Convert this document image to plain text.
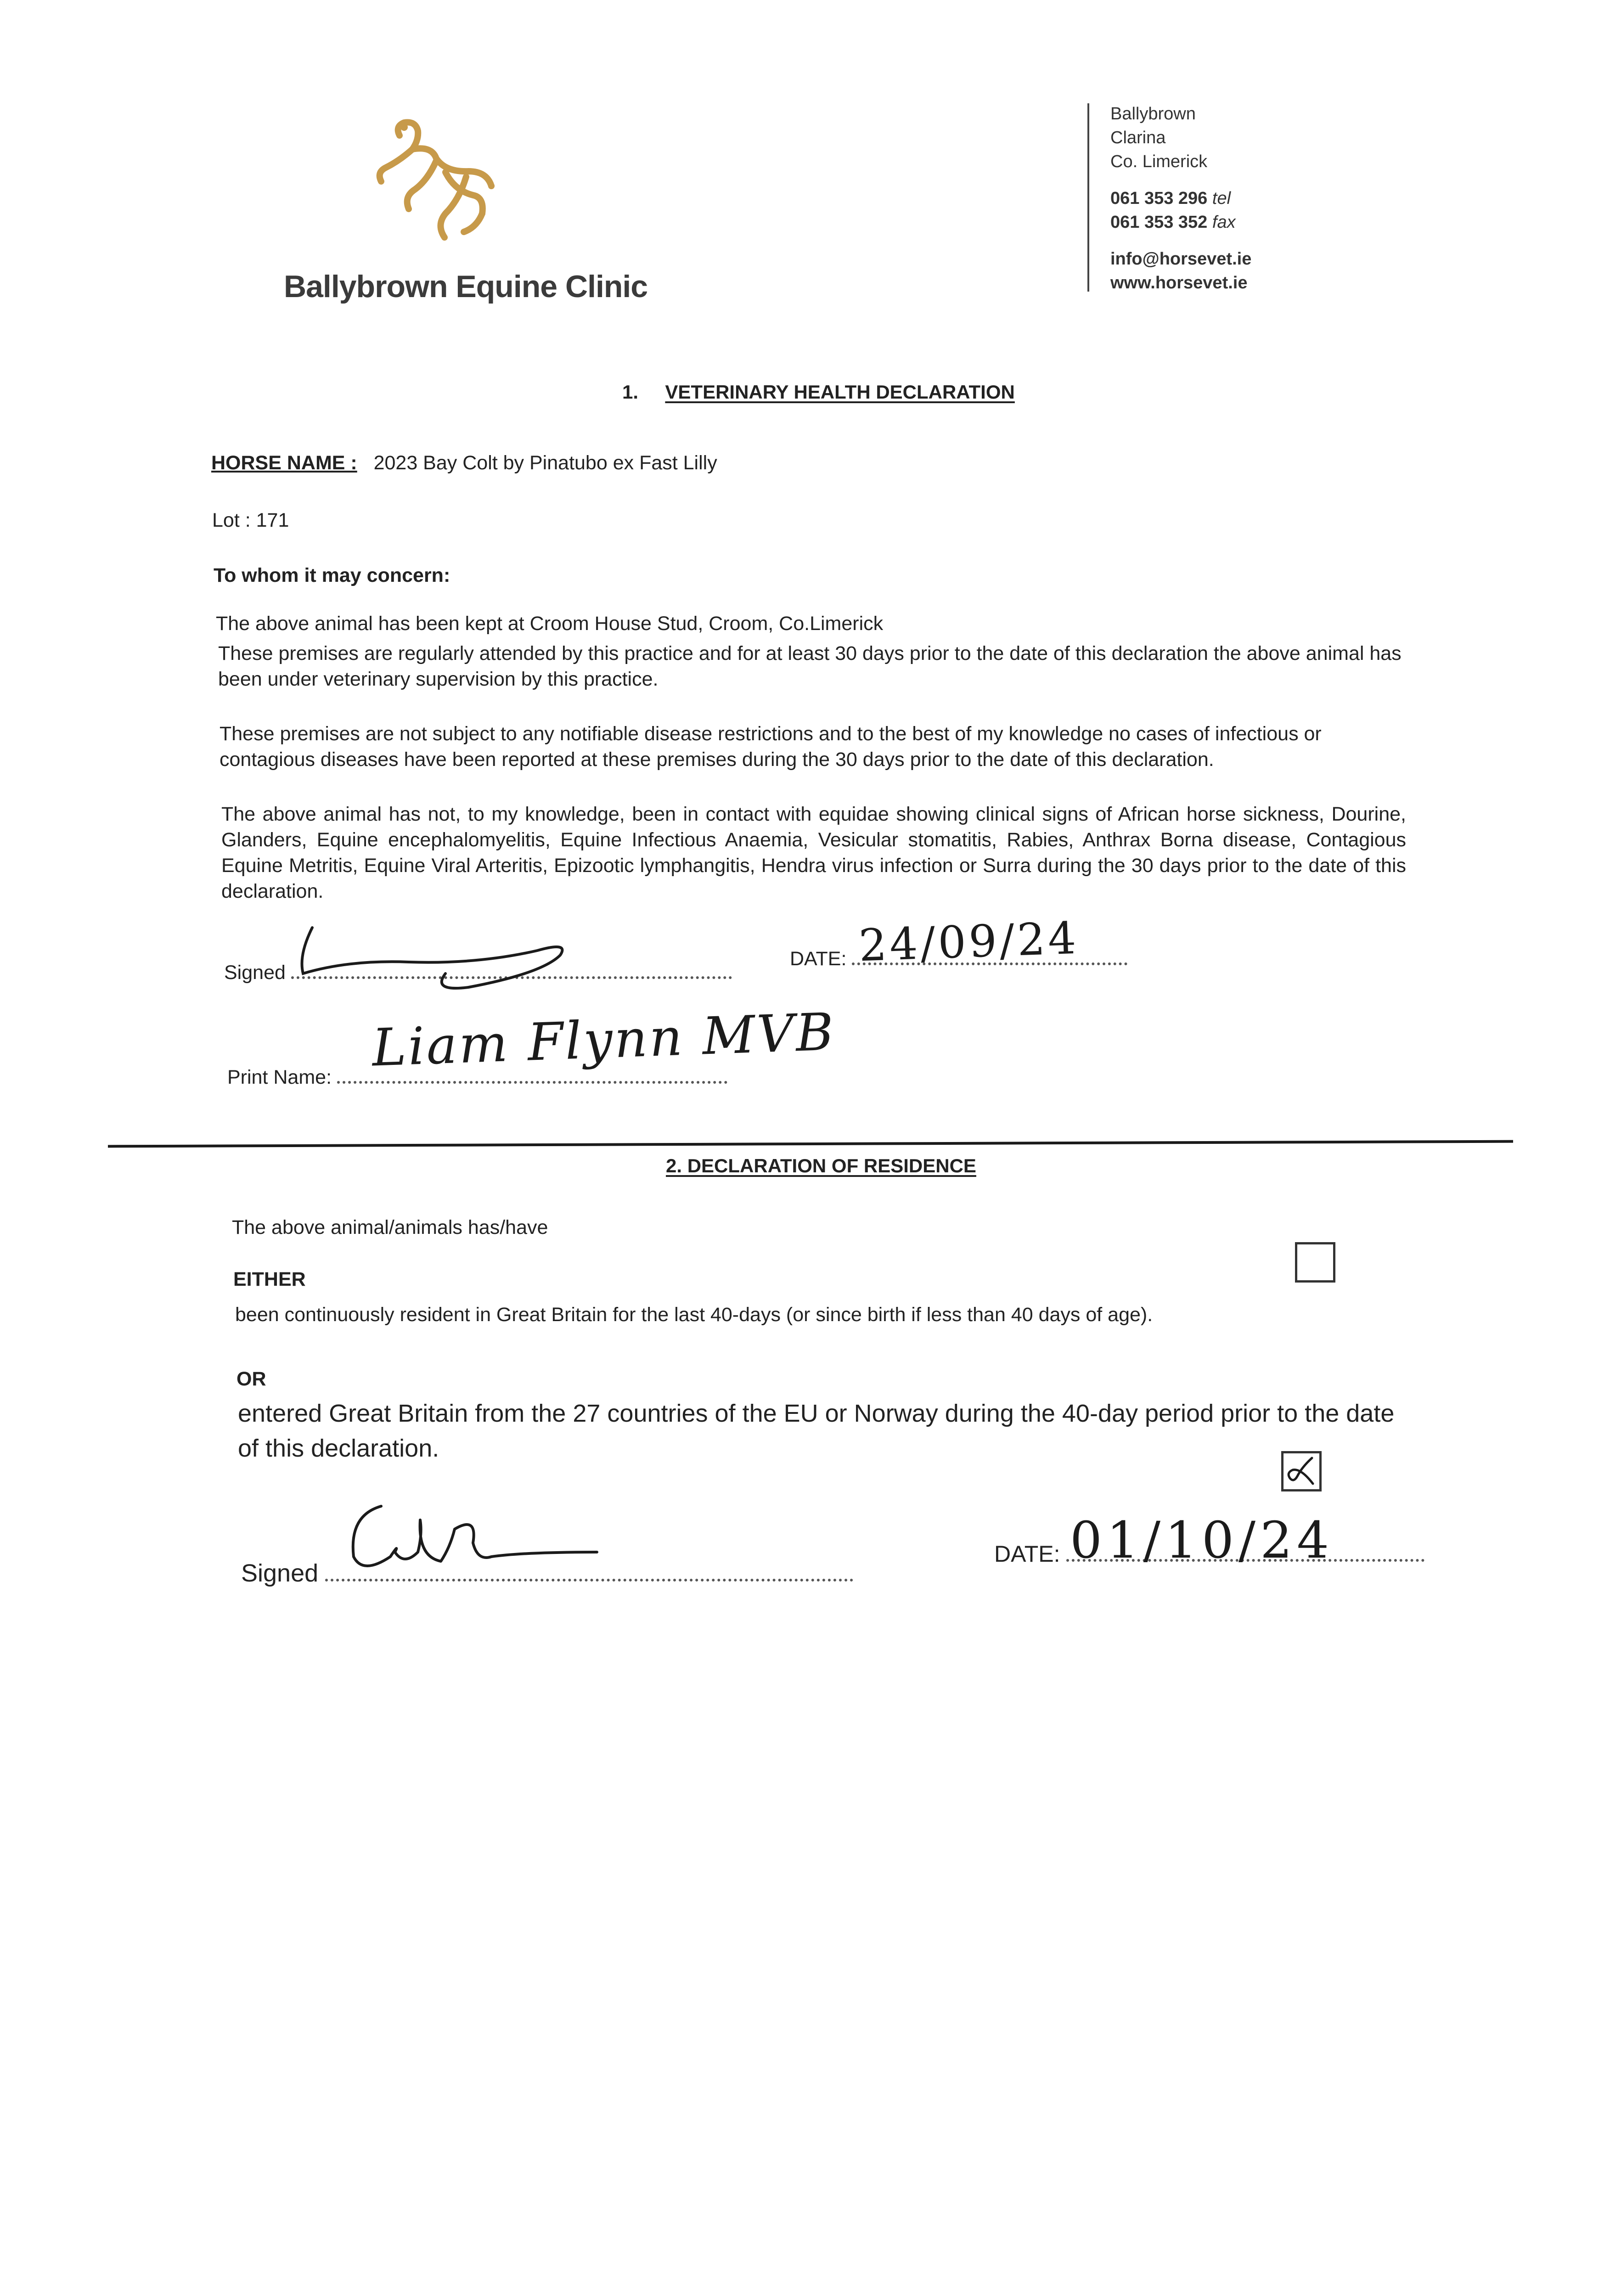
Ballybrown Equine Clinic
Ballybrown
Clarina
Co. Limerick
061 353 296 tel
061 353 352 fax
info@horsevet.ie
www.horsevet.ie
1. VETERINARY HEALTH DECLARATION
HORSE NAME : 2023 Bay Colt by Pinatubo ex Fast Lilly
Lot : 171
To whom it may concern:
The above animal has been kept at Croom House Stud, Croom, Co.Limerick
These premises are regularly attended by this practice and for at least 30 days prior to the date of this declaration the above animal has been under veterinary supervision by this practice.
These premises are not subject to any notifiable disease restrictions and to the best of my knowledge no cases of infectious or contagious diseases have been reported at these premises during the 30 days prior to the date of this declaration.
The above animal has not, to my knowledge, been in contact with equidae showing clinical signs of African horse sickness, Dourine, Glanders, Equine encephalomyelitis, Equine Infectious Anaemia, Vesicular stomatitis, Rabies, Anthrax Borna disease, Contagious Equine Metritis, Equine Viral Arteritis, Epizootic lymphangitis, Hendra virus infection or Surra during the 30 days prior to the date of this declaration.
Signed
DATE: 24/09/24
Print Name: Liam Flynn MVB
2. DECLARATION OF RESIDENCE
The above animal/animals has/have
EITHER
been continuously resident in Great Britain for the last 40-days (or since birth if less than 40 days of age).
OR
entered Great Britain from the 27 countries of the EU or Norway during the 40-day period prior to the date of this declaration.
Signed
DATE: 01/10/24
